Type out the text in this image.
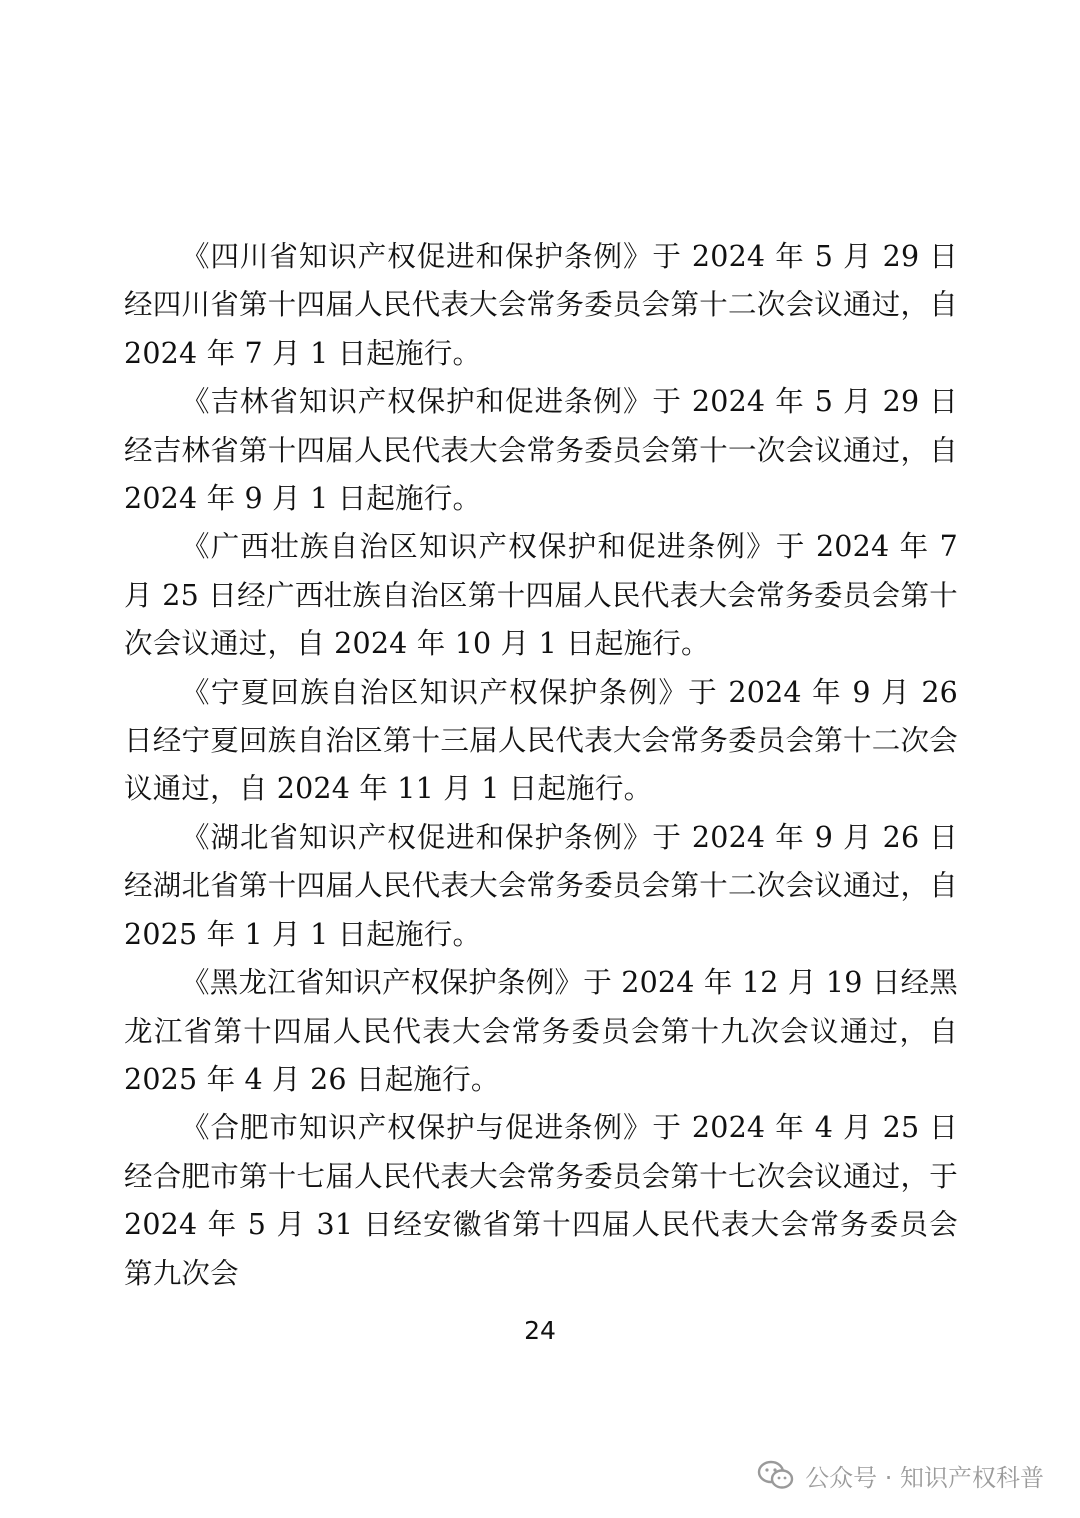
《四川省知识产权促进和保护条例》于 2024 年 5 月 29 日经四川省第十四届人民代表大会常务委员会第十二次会议通过，自 2024 年 7 月 1 日起施行。

《吉林省知识产权保护和促进条例》于 2024 年 5 月 29 日经吉林省第十四届人民代表大会常务委员会第十一次会议通过，自 2024 年 9 月 1 日起施行。

《广西壮族自治区知识产权保护和促进条例》于 2024 年 7 月 25 日经广西壮族自治区第十四届人民代表大会常务委员会第十次会议通过，自 2024 年 10 月 1 日起施行。

《宁夏回族自治区知识产权保护条例》于 2024 年 9 月 26 日经宁夏回族自治区第十三届人民代表大会常务委员会第十二次会议通过，自 2024 年 11 月 1 日起施行。

《湖北省知识产权促进和保护条例》于 2024 年 9 月 26 日经湖北省第十四届人民代表大会常务委员会第十二次会议通过，自 2025 年 1 月 1 日起施行。

《黑龙江省知识产权保护条例》于 2024 年 12 月 19 日经黑龙江省第十四届人民代表大会常务委员会第十九次会议通过，自 2025 年 4 月 26 日起施行。

《合肥市知识产权保护与促进条例》于 2024 年 4 月 25 日经合肥市第十七届人民代表大会常务委员会第十七次会议通过，于 2024 年 5 月 31 日经安徽省第十四届人民代表大会常务委员会第九次会

24
公众号 · 知识产权科普
